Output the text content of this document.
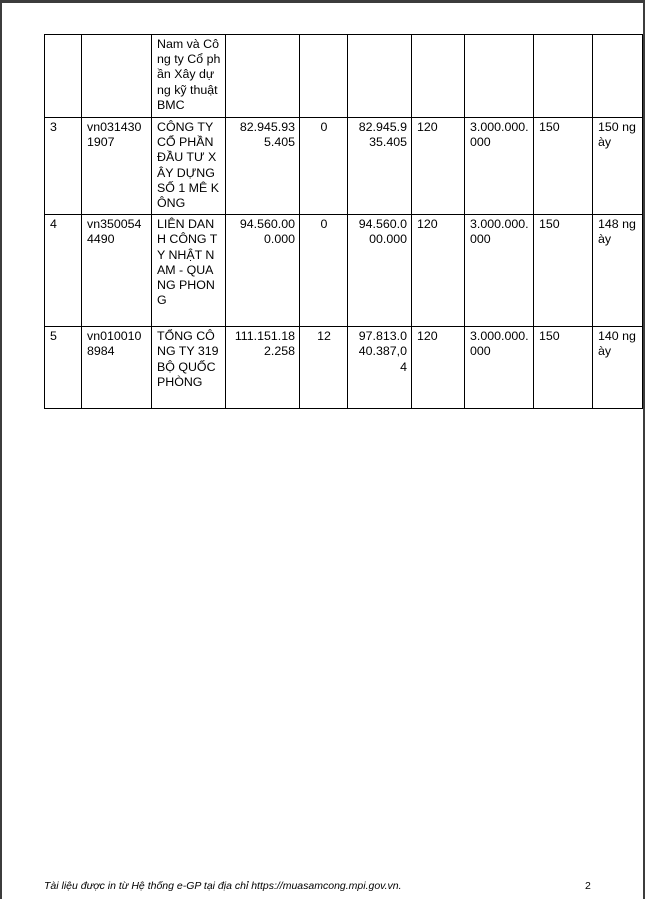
		Nam và Công ty Cổ phần Xây dựng kỹ thuật BMC							
3	vn0314301907	CÔNG TY CỔ PHẦN ĐẦU TƯ XÂY DỰNG SỐ 1 MÊ KÔNG	82.945.935.405	0	82.945.935.405	120	3.000.000.000	150	150 ngày
4	vn3500544490	LIÊN DANH CÔNG TY NHẬT NAM - QUANG PHONG	94.560.000.000	0	94.560.000.000	120	3.000.000.000	150	148 ngày
5	vn0100108984	TỔNG CÔNG TY 319 BỘ QUỐC PHÒNG	111.151.182.258	12	97.813.040.387,04	120	3.000.000.000	150	140 ngày
Tài liệu được in từ Hệ thống e-GP tại địa chỉ https://muasamcong.mpi.gov.vn.	2
